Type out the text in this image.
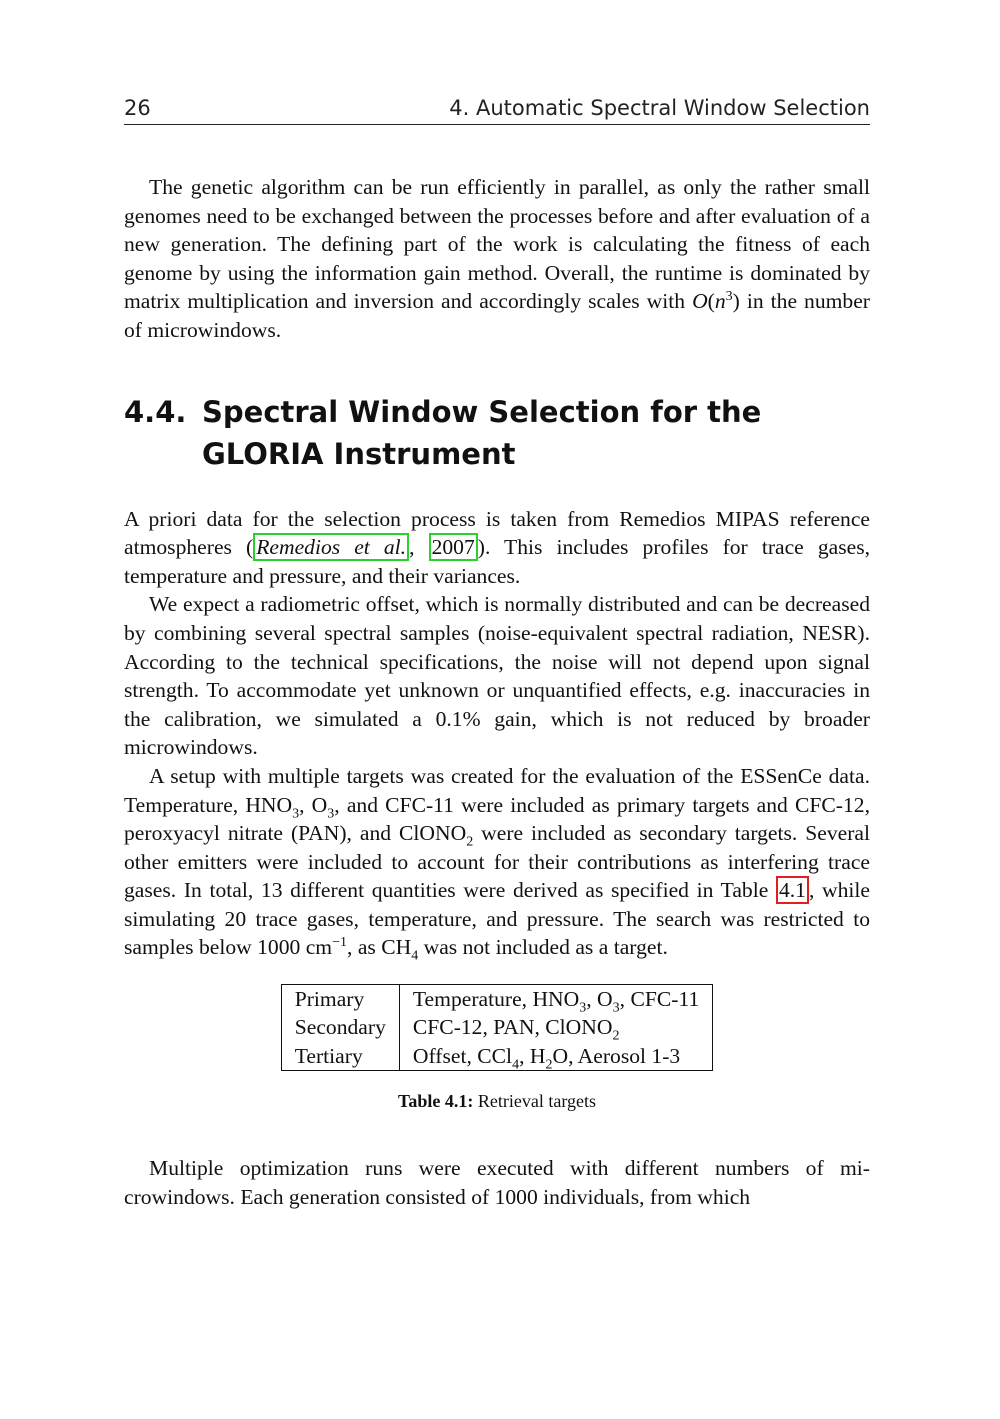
26	4. Automatic Spectral Window Selection

The genetic algorithm can be run efficiently in parallel, as only the rather small genomes need to be exchanged between the processes before and after evaluation of a new generation. The defining part of the work is calculating the fitness of each genome by using the information gain method. Overall, the runtime is dominated by matrix multiplication and inversion and accordingly scales with $O(n^3)$ in the number of microwindows.

4.4. Spectral Window Selection for the
GLORIA Instrument

A priori data for the selection process is taken from Remedios MIPAS reference atmospheres ( Remedios et al. , 2007 ). This includes profiles for trace gases, temperature and pressure, and their variances.

We expect a radiometric offset, which is normally distributed and can be decreased by combining several spectral samples (noise-equivalent spectral radiation, NESR). According to the technical specifications, the noise will not depend upon signal strength. To accommodate yet unknown or unquantified effects, e.g. inaccuracies in the calibration, we simulated a 0.1% gain, which is not reduced by broader microwindows.

A setup with multiple targets was created for the evaluation of the ESSenCe data. Temperature, $HNO_3$, $O_3$, and CFC-11 were included as primary targets and CFC-12, peroxyacyl nitrate (PAN), and ClONO$_2$ were included as secondary targets. Several other emitters were included to account for their contributions as interfering trace gases. In total, 13 different quantities were derived as specified in Table 4.1 , while simulating 20 trace gases, temperature, and pressure. The search was restricted to samples below 1000 $cm^{-1}$, as $CH_4$ was not included as a target.

Primary	Temperature, $HNO_3$, $O_3$, CFC-11
Secondary	CFC-12, PAN, ClONO$_2$
Tertiary	Offset, CCl$_4$, $H_2O$, Aerosol 1-3
Table 4.1: Retrieval targets

Multiple optimization runs were executed with different numbers of microwindows. Each generation consisted of 1000 individuals, from which
